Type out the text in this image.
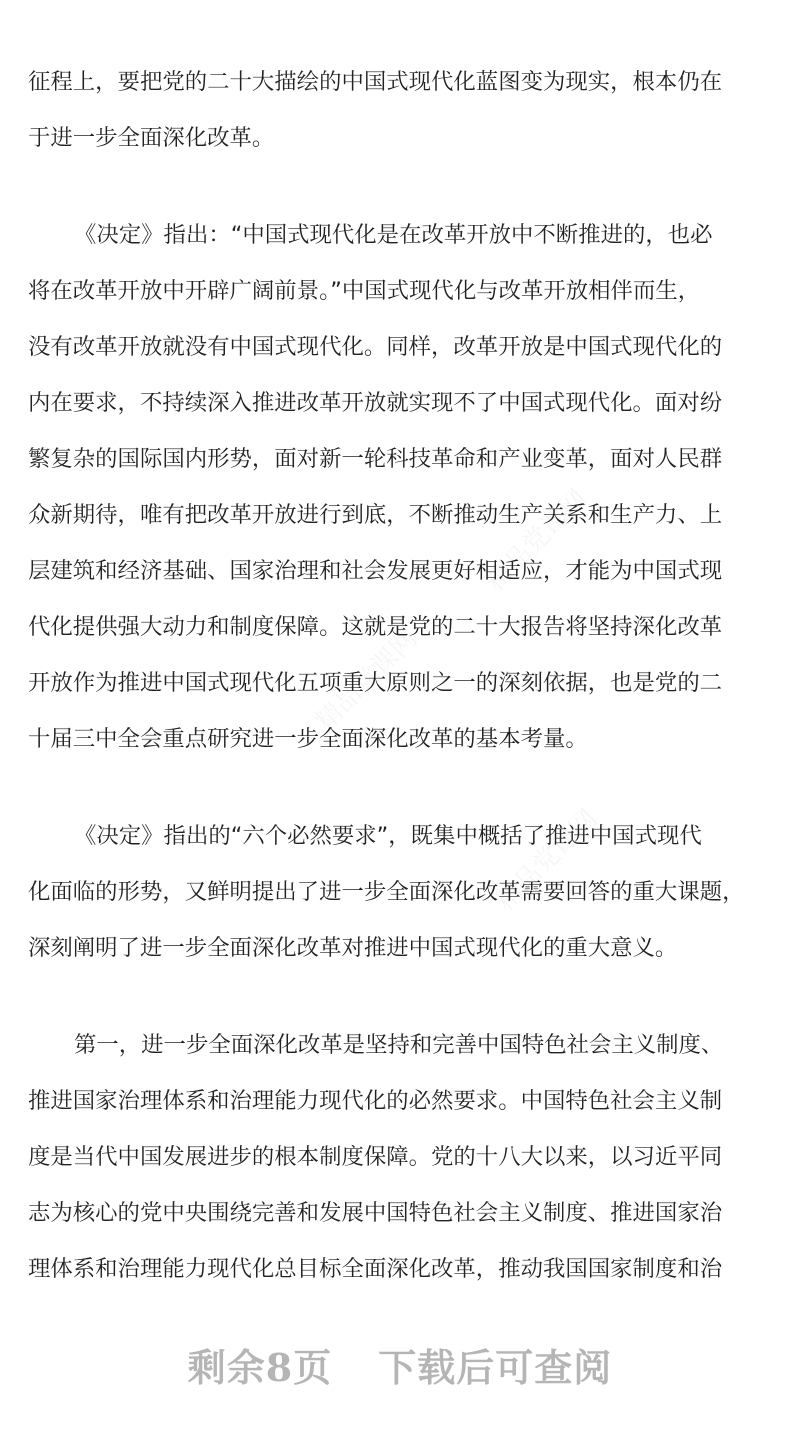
征程上，要把党的二十大描绘的中国式现代化蓝图变为现实，根本仍在
于进一步全面深化改革。
《决定》指出：“中国式现代化是在改革开放中不断推进的，也必
将在改革开放中开辟广阔前景。”中国式现代化与改革开放相伴而生，
没有改革开放就没有中国式现代化。同样，改革开放是中国式现代化的
内在要求，不持续深入推进改革开放就实现不了中国式现代化。面对纷
繁复杂的国际国内形势，面对新一轮科技革命和产业变革，面对人民群
众新期待，唯有把改革开放进行到底，不断推动生产关系和生产力、上
层建筑和经济基础、国家治理和社会发展更好相适应，才能为中国式现
代化提供强大动力和制度保障。这就是党的二十大报告将坚持深化改革
开放作为推进中国式现代化五项重大原则之一的深刻依据，也是党的二
十届三中全会重点研究进一步全面深化改革的基本考量。
《决定》指出的“六个必然要求”，既集中概括了推进中国式现代
化面临的形势，又鲜明提出了进一步全面深化改革需要回答的重大课题，
深刻阐明了进一步全面深化改革对推进中国式现代化的重大意义。
第一，进一步全面深化改革是坚持和完善中国特色社会主义制度、
推进国家治理体系和治理能力现代化的必然要求。中国特色社会主义制
度是当代中国发展进步的根本制度保障。党的十八大以来，以习近平同
志为核心的党中央围绕完善和发展中国特色社会主义制度、推进国家治
理体系和治理能力现代化总目标全面深化改革，推动我国国家制度和治
剩余8页 下载后可查阅
